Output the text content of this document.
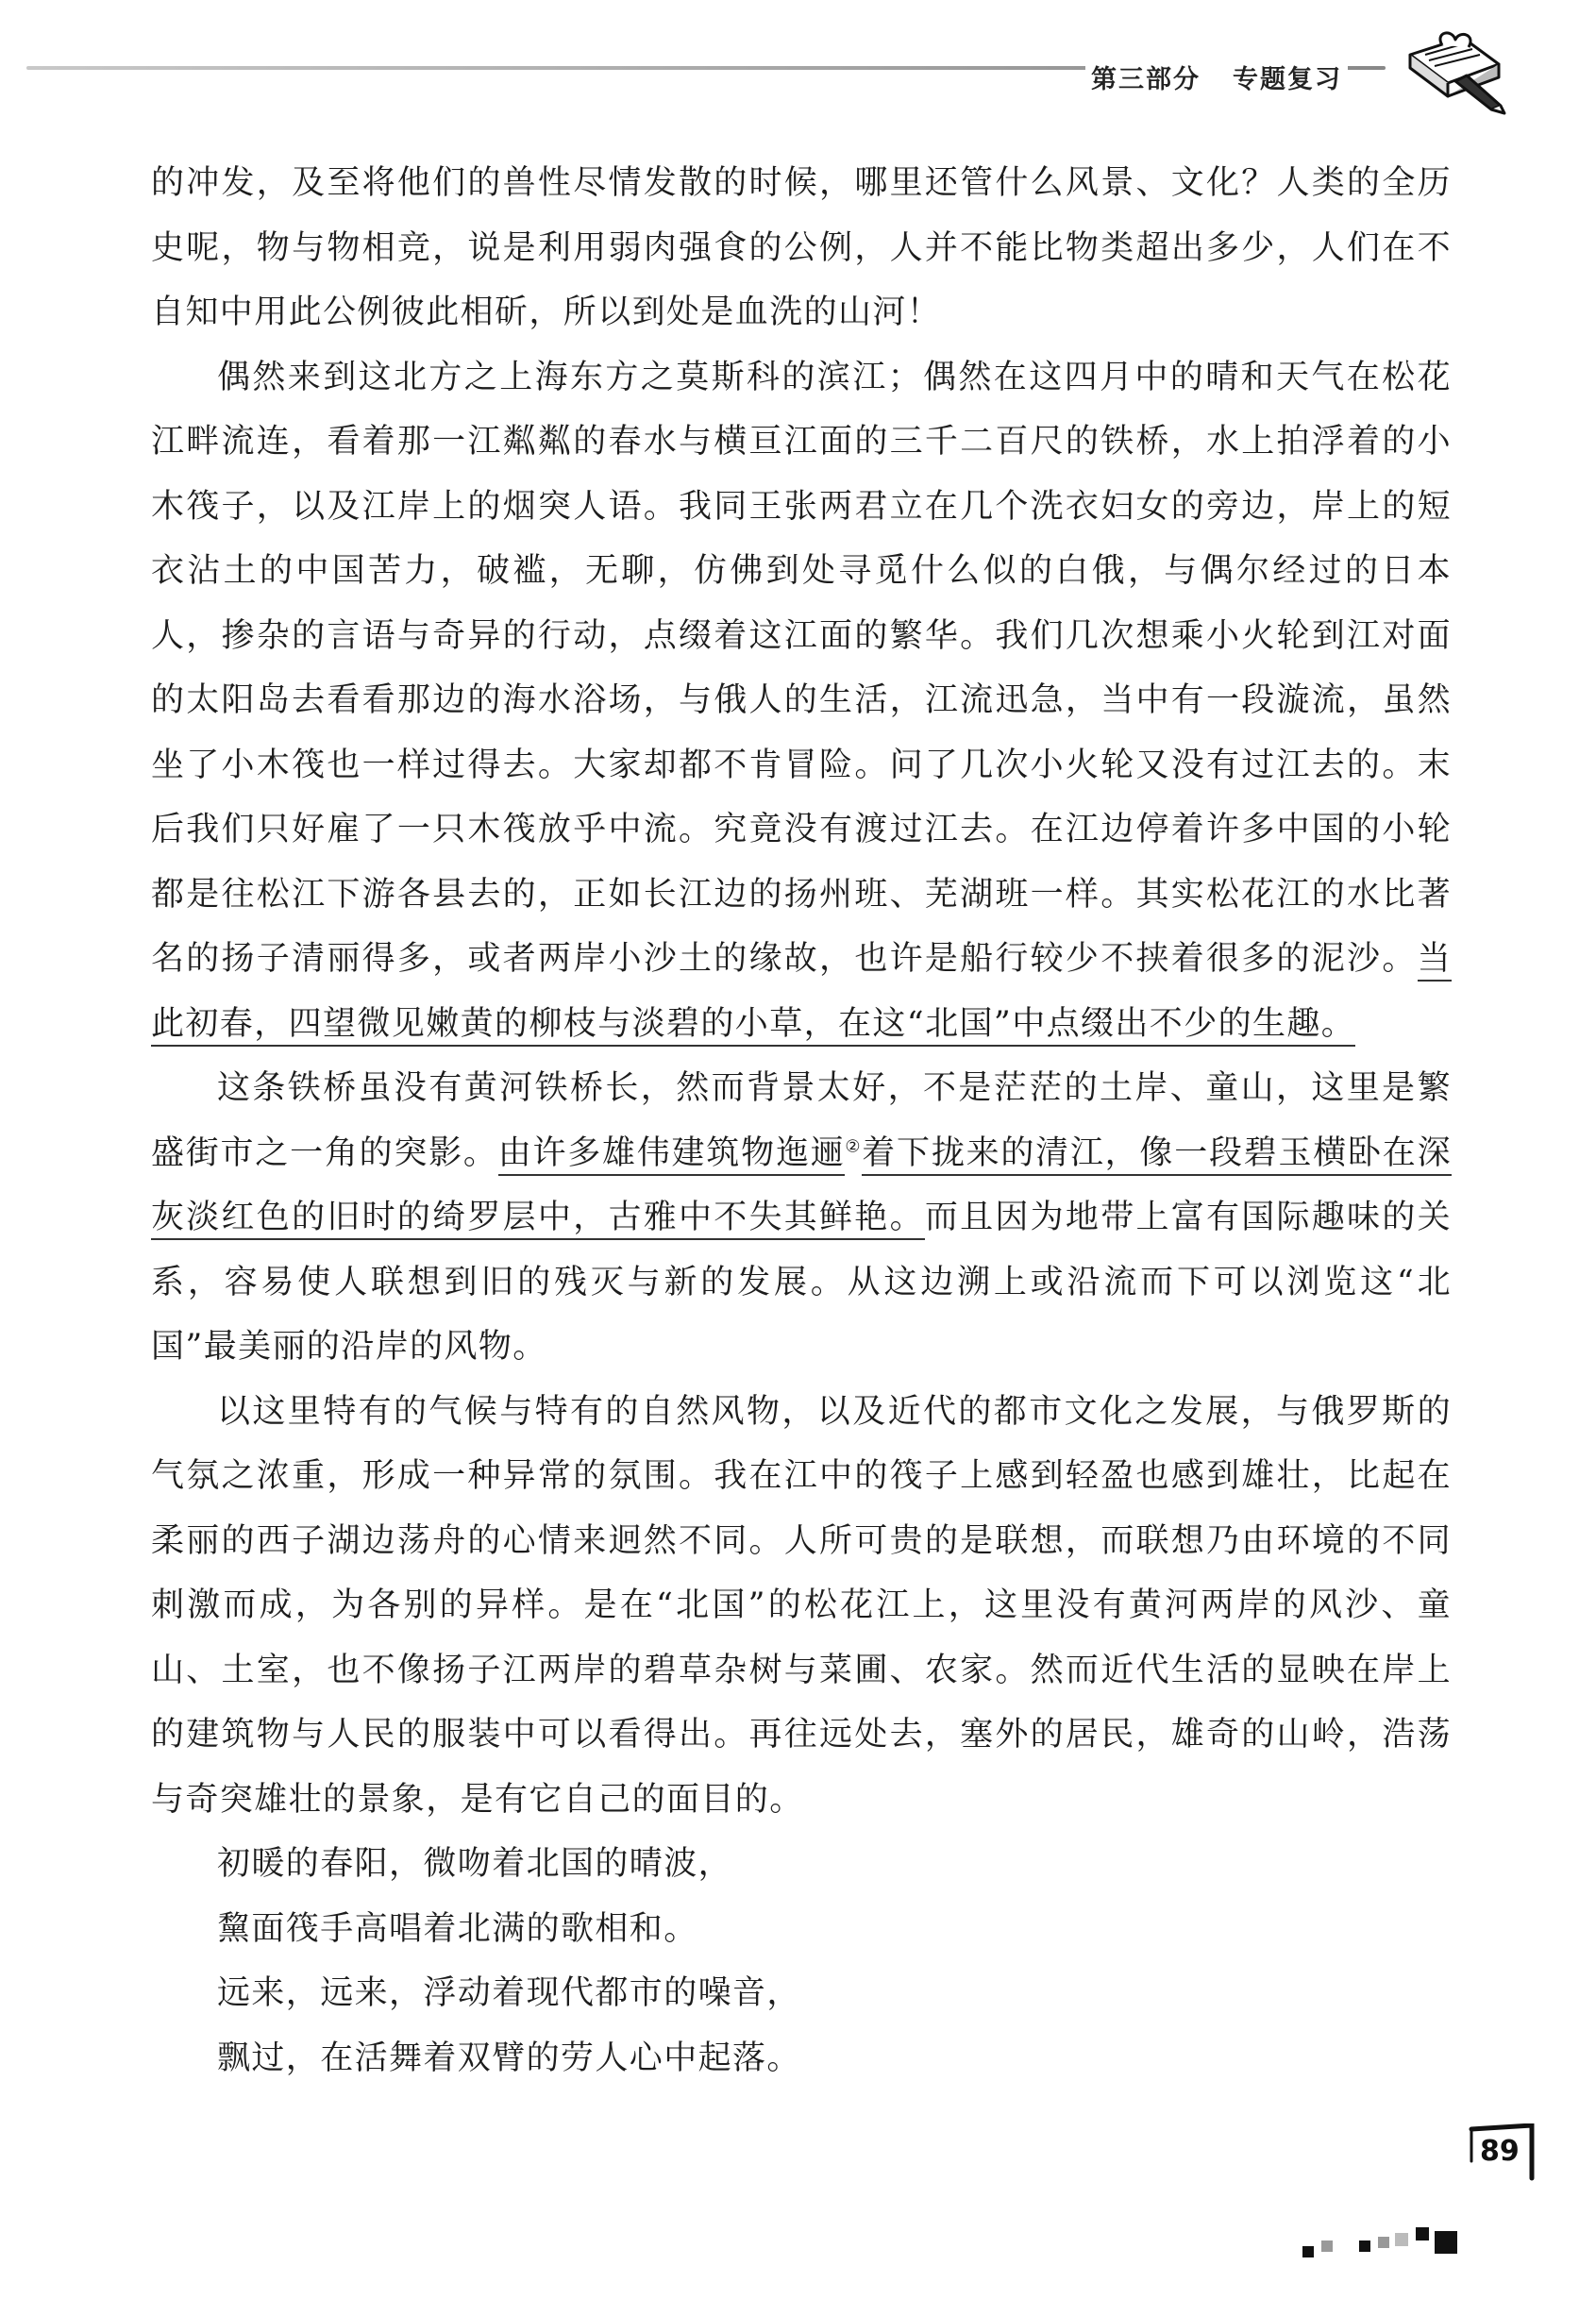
第三部分 专题复习

的冲发，及至将他们的兽性尽情发散的时候，哪里还管什么风景、文化？人类的全历史呢，物与物相竞，说是利用弱肉强食的公例，人并不能比物类超出多少，人们在不自知中用此公例彼此相斫，所以到处是血洗的山河！

偶然来到这北方之上海东方之莫斯科的滨江；偶然在这四月中的晴和天气在松花江畔流连，看着那一江粼粼的春水与横亘江面的三千二百尺的铁桥，水上拍浮着的小木筏子，以及江岸上的烟突人语。我同王张两君立在几个洗衣妇女的旁边，岸上的短衣沾土的中国苦力，破褴，无聊，仿佛到处寻觅什么似的白俄，与偶尔经过的日本人，掺杂的言语与奇异的行动，点缀着这江面的繁华。我们几次想乘小火轮到江对面的太阳岛去看看那边的海水浴场，与俄人的生活，江流迅急，当中有一段漩流，虽然坐了小木筏也一样过得去。大家却都不肯冒险。问了几次小火轮又没有过江去的。末后我们只好雇了一只木筏放乎中流。究竟没有渡过江去。在江边停着许多中国的小轮都是往松江下游各县去的，正如长江边的扬州班、芜湖班一样。其实松花江的水比著名的扬子清丽得多，或者两岸小沙土的缘故，也许是船行较少不挟着很多的泥沙。当此初春，四望微见嫩黄的柳枝与淡碧的小草，在这“北国”中点缀出不少的生趣。

这条铁桥虽没有黄河铁桥长，然而背景太好，不是茫茫的土岸、童山，这里是繁盛街市之一角的突影。由许多雄伟建筑物迤逦②着下拢来的清江，像一段碧玉横卧在深灰淡红色的旧时的绮罗层中，古雅中不失其鲜艳。而且因为地带上富有国际趣味的关系，容易使人联想到旧的残灭与新的发展。从这边溯上或沿流而下可以浏览这“北国”最美丽的沿岸的风物。

以这里特有的气候与特有的自然风物，以及近代的都市文化之发展，与俄罗斯的气氛之浓重，形成一种异常的氛围。我在江中的筏子上感到轻盈也感到雄壮，比起在柔丽的西子湖边荡舟的心情来迥然不同。人所可贵的是联想，而联想乃由环境的不同刺激而成，为各别的异样。是在“北国”的松花江上，这里没有黄河两岸的风沙、童山、土室，也不像扬子江两岸的碧草杂树与菜圃、农家。然而近代生活的显映在岸上的建筑物与人民的服装中可以看得出。再往远处去，塞外的居民，雄奇的山岭，浩荡与奇突雄壮的景象，是有它自己的面目的。

初暖的春阳，微吻着北国的晴波，

黧面筏手高唱着北满的歌相和。

远来，远来，浮动着现代都市的噪音，

飘过，在活舞着双臂的劳人心中起落。

89
